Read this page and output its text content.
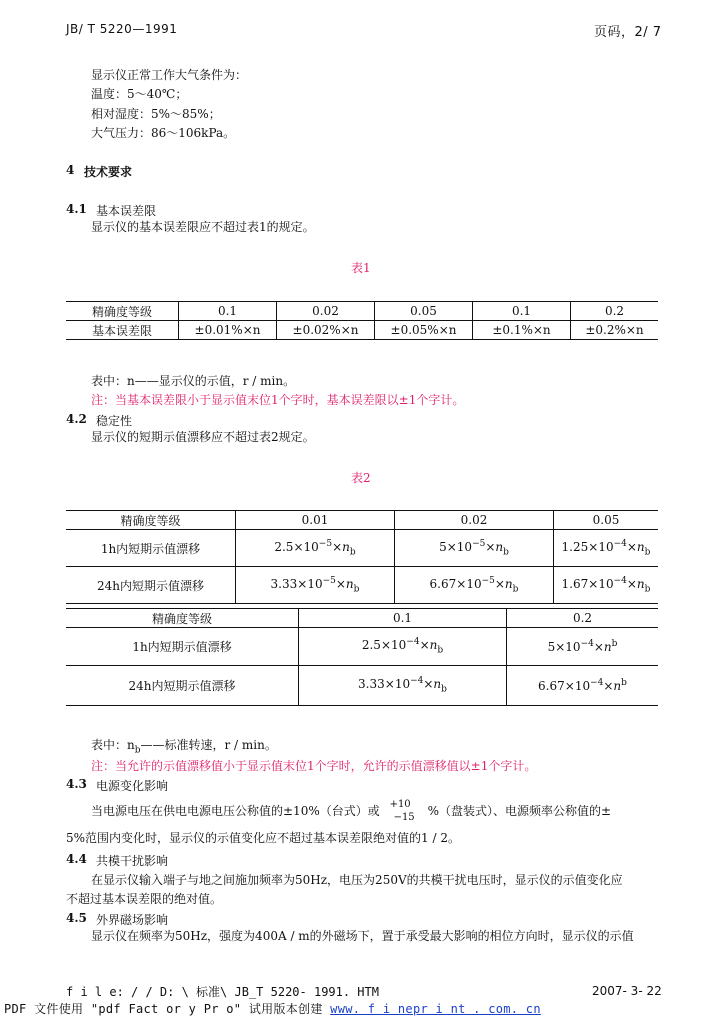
JB/ T 5220—1991	页码，2/ 7
显示仪正常工作大气条件为：
温度：5～40℃；
相对湿度：5%～85%；
大气压力：86～106kPa。
4 技术要求
4.1 基本误差限
显示仪的基本误差限应不超过表1的规定。
表1
精确度等级	0.1	0.02	0.05	0.1	0.2
基本误差限	±0.01%×n	±0.02%×n	±0.05%×n	±0.1%×n	±0.2%×n
表中：n——显示仪的示值，r / min。
注：当基本误差限小于显示值末位1个字时，基本误差限以±1个字计。
4.2 稳定性
显示仪的短期示值漂移应不超过表2规定。
表2
精确度等级	0.01	0.02	0.05
1h内短期示值漂移	$2.5\times 10^{-5}\times n_b$	$5\times 10^{-5}\times n_b$	$1.25\times 10^{-4}\times n_b$
24h内短期示值漂移	$3.33\times 10^{-5}\times n_b$	$6.67\times 10^{-5}\times n_b$	$1.67\times 10^{-4}\times n_b$
精确度等级	0.1	0.2
1h内短期示值漂移	$2.5\times 10^{-4}\times n_b$	$5\times 10^{-4}\times n^b$
24h内短期示值漂移	$3.33\times 10^{-4}\times n_b$	$6.67\times 10^{-4}\times n^b$
表中：$n_b——$标准转速，r / min。
注：当允许的示值漂移值小于显示值末位1个字时，允许的示值漂移值以±1个字计。
4.3 电源变化影响
当电源电压在供电电源电压公称值的±10%（台式）或 +10
−15 %（盘装式）、电源频率公称值的±
5%范围内变化时，显示仪的示值变化应不超过基本误差限绝对值的1 / 2。
4.4 共模干扰影响
在显示仪输入端子与地之间施加频率为50Hz，电压为250V的共模干扰电压时，显示仪的示值变化应
不超过基本误差限的绝对值。
4.5 外界磁场影响
显示仪在频率为50Hz，强度为400A / m的外磁场下，置于承受最大影响的相位方向时，显示仪的示值
f i l e: / / D: \ 标准\ JB_T 5220- 1991. HTM	2007- 3- 22
PDF 文件使用 "pdf Fact or y Pr o" 试用版本创建 www. f i nepr i nt . com. cn
